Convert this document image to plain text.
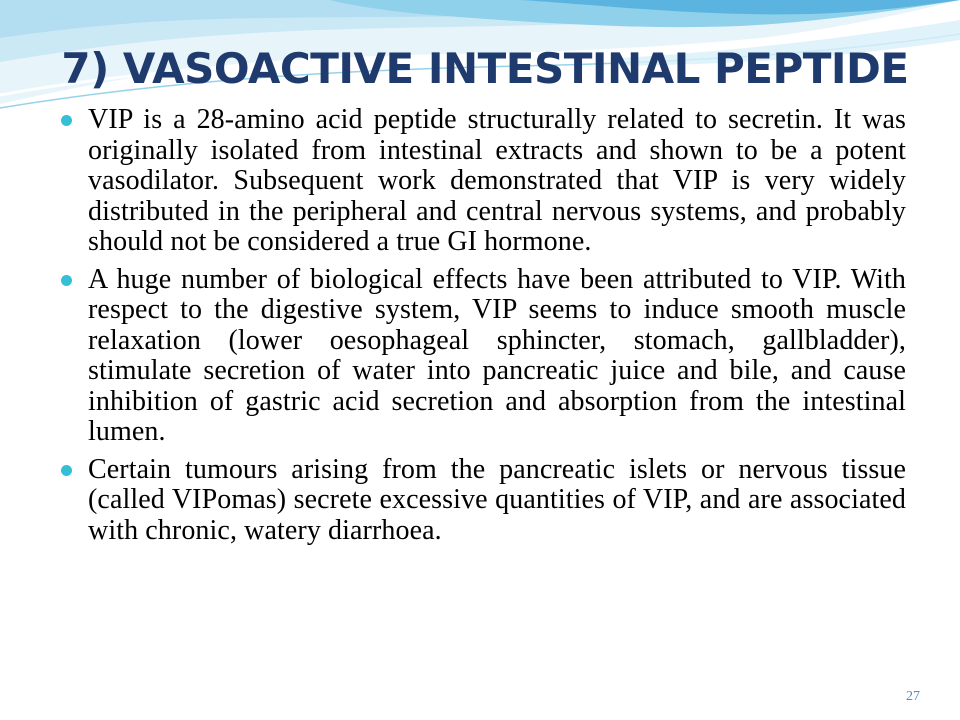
7) VASOACTIVE INTESTINAL PEPTIDE
VIP is a 28-amino acid peptide structurally related to secretin. It was originally isolated from intestinal extracts and shown to be a potent vasodilator. Subsequent work demonstrated that VIP is very widely distributed in the peripheral and central nervous systems, and probably should not be considered a true GI hormone.
A huge number of biological effects have been attributed to VIP. With respect to the digestive system, VIP seems to induce smooth muscle relaxation (lower oesophageal sphincter, stomach, gallbladder), stimulate secretion of water into pancreatic juice and bile, and cause inhibition of gastric acid secretion and absorption from the intestinal lumen.
Certain tumours arising from the pancreatic islets or nervous tissue (called VIPomas) secrete excessive quantities of VIP, and are associated with chronic, watery diarrhoea.
27
